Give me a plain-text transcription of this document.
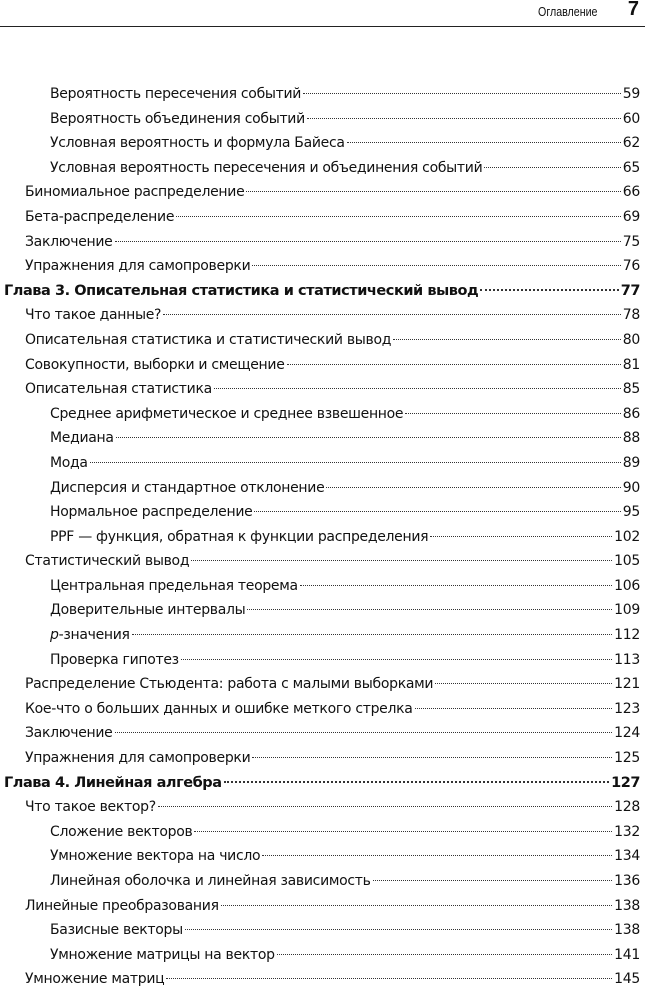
Оглавление 7
Вероятность пересечения событий	59
Вероятность объединения событий	60
Условная вероятность и формула Байеса	62
Условная вероятность пересечения и объединения событий	65
Биномиальное распределение	66
Бета-распределение	69
Заключение	75
Упражнения для самопроверки	76
Глава 3. Описательная статистика и статистический вывод	77
Что такое данные?	78
Описательная статистика и статистический вывод	80
Совокупности, выборки и смещение	81
Описательная статистика	85
Среднее арифметическое и среднее взвешенное	86
Медиана	88
Мода	89
Дисперсия и стандартное отклонение	90
Нормальное распределение	95
PPF — функция, обратная к функции распределения	102
Статистический вывод	105
Центральная предельная теорема	106
Доверительные интервалы	109
p-значения	112
Проверка гипотез	113
Распределение Стьюдента: работа с малыми выборками	121
Кое-что о больших данных и ошибке меткого стрелка	123
Заключение	124
Упражнения для самопроверки	125
Глава 4. Линейная алгебра	127
Что такое вектор?	128
Сложение векторов	132
Умножение вектора на число	134
Линейная оболочка и линейная зависимость	136
Линейные преобразования	138
Базисные векторы	138
Умножение матрицы на вектор	141
Умножение матриц	145
